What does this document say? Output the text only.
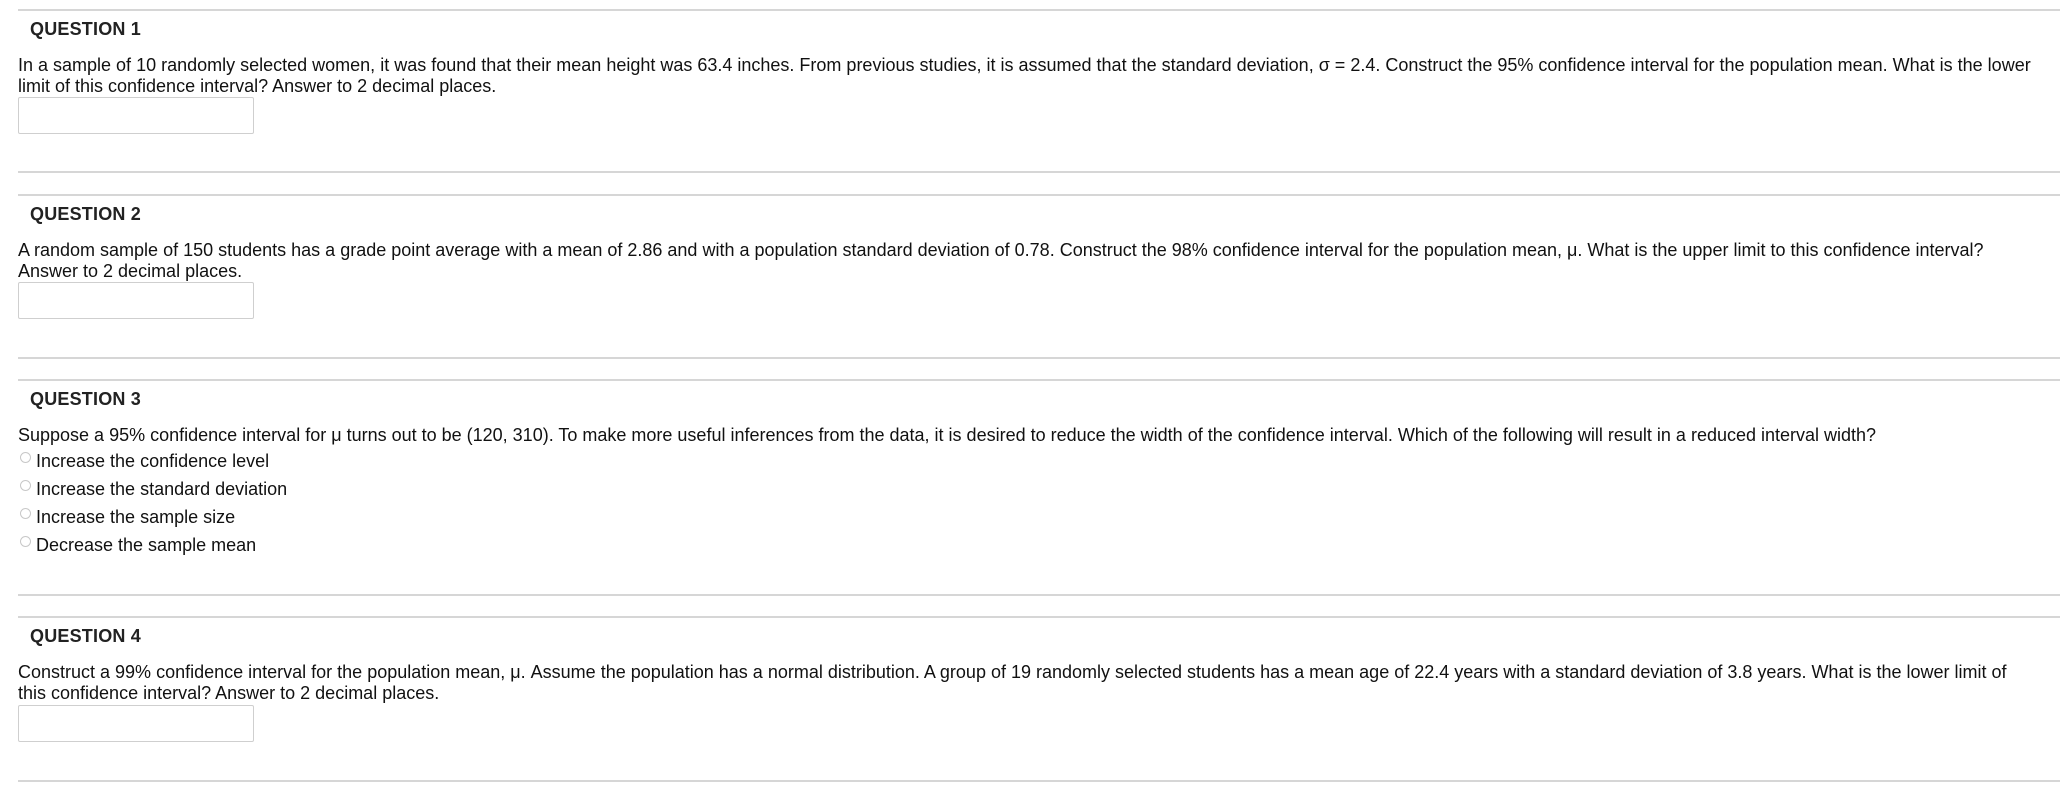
QUESTION 1
In a sample of 10 randomly selected women, it was found that their mean height was 63.4 inches. From previous studies, it is assumed that the standard deviation, σ = 2.4. Construct the 95% confidence interval for the population mean. What is the lower limit of this confidence interval? Answer to 2 decimal places.
QUESTION 2
A random sample of 150 students has a grade point average with a mean of 2.86 and with a population standard deviation of 0.78. Construct the 98% confidence interval for the population mean, μ. What is the upper limit to this confidence interval? Answer to 2 decimal places.
QUESTION 3
Suppose a 95% confidence interval for μ turns out to be (120, 310). To make more useful inferences from the data, it is desired to reduce the width of the confidence interval. Which of the following will result in a reduced interval width?
Increase the confidence level
Increase the standard deviation
Increase the sample size
Decrease the sample mean
QUESTION 4
Construct a 99% confidence interval for the population mean, μ. Assume the population has a normal distribution. A group of 19 randomly selected students has a mean age of 22.4 years with a standard deviation of 3.8 years. What is the lower limit of this confidence interval? Answer to 2 decimal places.
